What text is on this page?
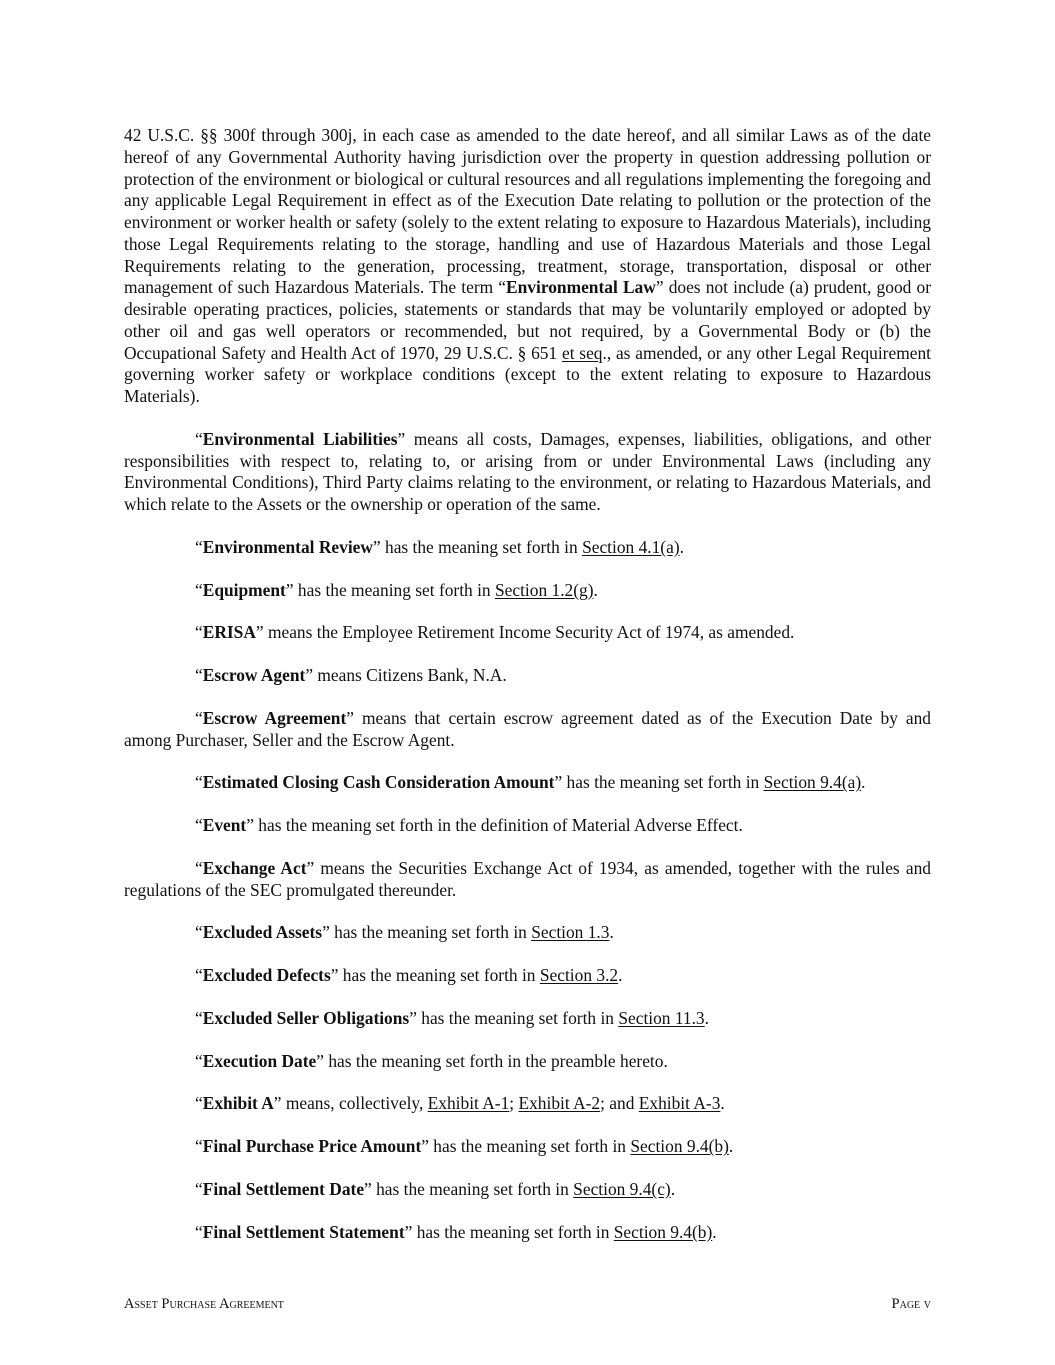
42 U.S.C. §§ 300f through 300j, in each case as amended to the date hereof, and all similar Laws as of the date hereof of any Governmental Authority having jurisdiction over the property in question addressing pollution or protection of the environment or biological or cultural resources and all regulations implementing the foregoing and any applicable Legal Requirement in effect as of the Execution Date relating to pollution or the protection of the environment or worker health or safety (solely to the extent relating to exposure to Hazardous Materials), including those Legal Requirements relating to the storage, handling and use of Hazardous Materials and those Legal Requirements relating to the generation, processing, treatment, storage, transportation, disposal or other management of such Hazardous Materials. The term “Environmental Law” does not include (a) prudent, good or desirable operating practices, policies, statements or standards that may be voluntarily employed or adopted by other oil and gas well operators or recommended, but not required, by a Governmental Body or (b) the Occupational Safety and Health Act of 1970, 29 U.S.C. § 651 et seq., as amended, or any other Legal Requirement governing worker safety or workplace conditions (except to the extent relating to exposure to Hazardous Materials).

“Environmental Liabilities” means all costs, Damages, expenses, liabilities, obligations, and other responsibilities with respect to, relating to, or arising from or under Environmental Laws (including any Environmental Conditions), Third Party claims relating to the environment, or relating to Hazardous Materials, and which relate to the Assets or the ownership or operation of the same.

“Environmental Review” has the meaning set forth in Section 4.1(a).

“Equipment” has the meaning set forth in Section 1.2(g).

“ERISA” means the Employee Retirement Income Security Act of 1974, as amended.

“Escrow Agent” means Citizens Bank, N.A.

“Escrow Agreement” means that certain escrow agreement dated as of the Execution Date by and among Purchaser, Seller and the Escrow Agent.

“Estimated Closing Cash Consideration Amount” has the meaning set forth in Section 9.4(a).

“Event” has the meaning set forth in the definition of Material Adverse Effect.

“Exchange Act” means the Securities Exchange Act of 1934, as amended, together with the rules and regulations of the SEC promulgated thereunder.

“Excluded Assets” has the meaning set forth in Section 1.3.

“Excluded Defects” has the meaning set forth in Section 3.2.

“Excluded Seller Obligations” has the meaning set forth in Section 11.3.

“Execution Date” has the meaning set forth in the preamble hereto.

“Exhibit A” means, collectively, Exhibit A-1; Exhibit A-2; and Exhibit A-3.

“Final Purchase Price Amount” has the meaning set forth in Section 9.4(b).

“Final Settlement Date” has the meaning set forth in Section 9.4(c).

“Final Settlement Statement” has the meaning set forth in Section 9.4(b).

Asset Purchase Agreement	Page v
